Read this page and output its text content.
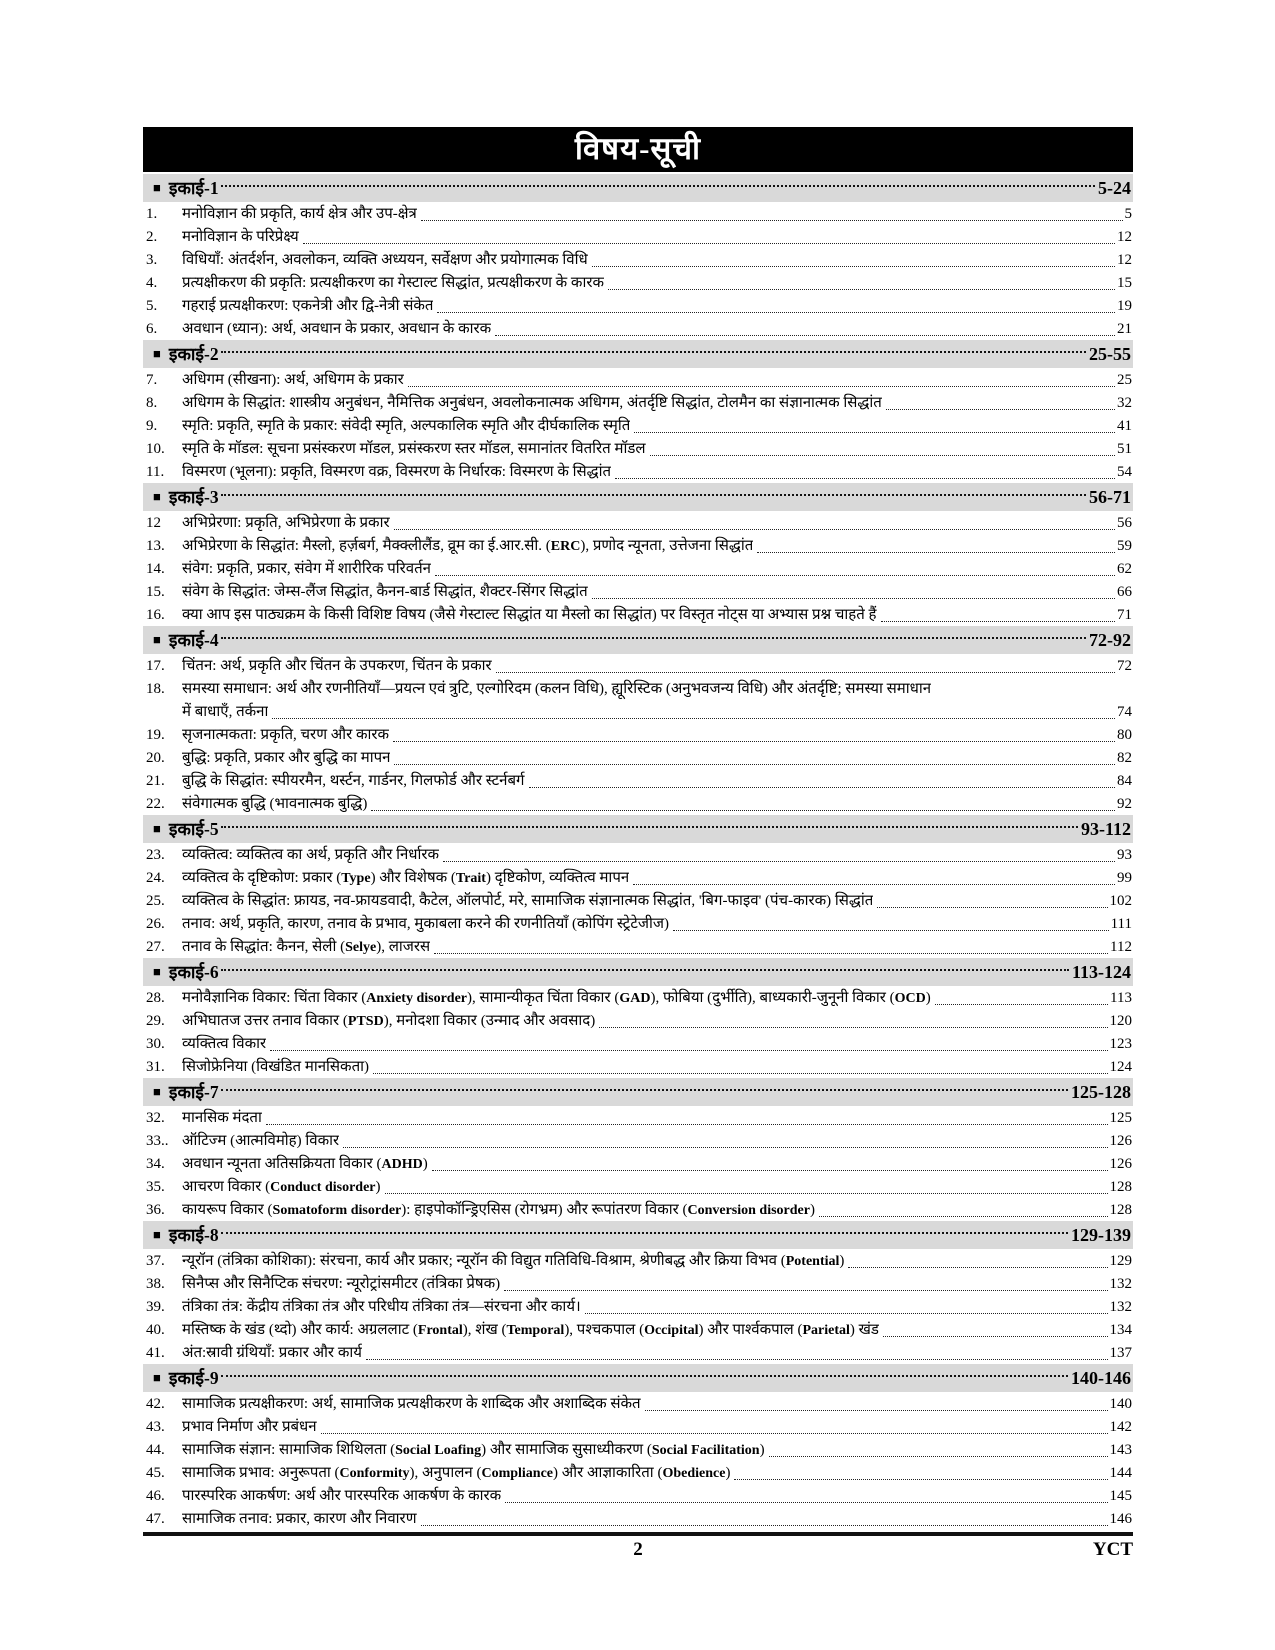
विषय-सूची
■ इकाई-1	5-24
1.	मनोविज्ञान की प्रकृति, कार्य क्षेत्र और उप-क्षेत्र	5
2.	मनोविज्ञान के परिप्रेक्ष्य	12
3.	विधियाँ: अंतर्दर्शन, अवलोकन, व्यक्ति अध्ययन, सर्वेक्षण और प्रयोगात्मक विधि	12
4.	प्रत्यक्षीकरण की प्रकृति: प्रत्यक्षीकरण का गेस्टाल्ट सिद्धांत, प्रत्यक्षीकरण के कारक	15
5.	गहराई प्रत्यक्षीकरण: एकनेत्री और द्वि-नेत्री संकेत	19
6.	अवधान (ध्यान): अर्थ, अवधान के प्रकार, अवधान के कारक	21
■ इकाई-2	25-55
7.	अधिगम (सीखना): अर्थ, अधिगम के प्रकार	25
8.	अधिगम के सिद्धांत: शास्त्रीय अनुबंधन, नैमित्तिक अनुबंधन, अवलोकनात्मक अधिगम, अंतर्दृष्टि सिद्धांत, टोलमैन का संज्ञानात्मक सिद्धांत	32
9.	स्मृति: प्रकृति, स्मृति के प्रकार: संवेदी स्मृति, अल्पकालिक स्मृति और दीर्घकालिक स्मृति	41
10.	स्मृति के मॉडल: सूचना प्रसंस्करण मॉडल, प्रसंस्करण स्तर मॉडल, समानांतर वितरित मॉडल	51
11.	विस्मरण (भूलना): प्रकृति, विस्मरण वक्र, विस्मरण के निर्धारक: विस्मरण के सिद्धांत	54
■ इकाई-3	56-71
12	अभिप्रेरणा: प्रकृति, अभिप्रेरणा के प्रकार	56
13.	अभिप्रेरणा के सिद्धांत: मैस्लो, हर्ज़बर्ग, मैक्क्लीलैंड, व्रूम का ई.आर.सी. (ERC), प्रणोद न्यूनता, उत्तेजना सिद्धांत	59
14.	संवेग: प्रकृति, प्रकार, संवेग में शारीरिक परिवर्तन	62
15.	संवेग के सिद्धांत: जेम्स-लैंज सिद्धांत, कैनन-बार्ड सिद्धांत, शैक्टर-सिंगर सिद्धांत	66
16.	क्या आप इस पाठ्यक्रम के किसी विशिष्ट विषय (जैसे गेस्टाल्ट सिद्धांत या मैस्लो का सिद्धांत) पर विस्तृत नोट्स या अभ्यास प्रश्न चाहते हैं	71
■ इकाई-4	72-92
17.	चिंतन: अर्थ, प्रकृति और चिंतन के उपकरण, चिंतन के प्रकार	72
18.	समस्या समाधान: अर्थ और रणनीतियाँ—प्रयत्न एवं त्रुटि, एल्गोरिदम (कलन विधि), ह्यूरिस्टिक (अनुभवजन्य विधि) और अंतर्दृष्टि; समस्या समाधान
में बाधाएँ, तर्कना	74
19.	सृजनात्मकता: प्रकृति, चरण और कारक	80
20.	बुद्धि: प्रकृति, प्रकार और बुद्धि का मापन	82
21.	बुद्धि के सिद्धांत: स्पीयरमैन, थर्स्टन, गार्डनर, गिलफोर्ड और स्टर्नबर्ग	84
22.	संवेगात्मक बुद्धि (भावनात्मक बुद्धि)	92
■ इकाई-5	93-112
23.	व्यक्तित्व: व्यक्तित्व का अर्थ, प्रकृति और निर्धारक	93
24.	व्यक्तित्व के दृष्टिकोण: प्रकार (Type) और विशेषक (Trait) दृष्टिकोण, व्यक्तित्व मापन	99
25.	व्यक्तित्व के सिद्धांत: फ्रायड, नव-फ्रायडवादी, कैटेल, ऑलपोर्ट, मरे, सामाजिक संज्ञानात्मक सिद्धांत, 'बिग-फाइव' (पंच-कारक) सिद्धांत	102
26.	तनाव: अर्थ, प्रकृति, कारण, तनाव के प्रभाव, मुकाबला करने की रणनीतियाँ (कोपिंग स्ट्रेटेजीज)	111
27.	तनाव के सिद्धांत: कैनन, सेली (Selye), लाजरस	112
■ इकाई-6	113-124
28.	मनोवैज्ञानिक विकार: चिंता विकार (Anxiety disorder), सामान्यीकृत चिंता विकार (GAD), फोबिया (दुर्भीति), बाध्यकारी-जुनूनी विकार (OCD)	113
29.	अभिघातज उत्तर तनाव विकार (PTSD), मनोदशा विकार (उन्माद और अवसाद)	120
30.	व्यक्तित्व विकार	123
31.	सिजोफ्रेनिया (विखंडित मानसिकता)	124
■ इकाई-7	125-128
32.	मानसिक मंदता	125
33.. ऑटिज्म (आत्मविमोह) विकार	126
34.	अवधान न्यूनता अतिसक्रियता विकार (ADHD)	126
35.	आचरण विकार (Conduct disorder)	128
36.	कायरूप विकार (Somatoform disorder): हाइपोकॉन्ड्रिएसिस (रोगभ्रम) और रूपांतरण विकार (Conversion disorder)	128
■ इकाई-8	129-139
37.	न्यूरॉन (तंत्रिका कोशिका): संरचना, कार्य और प्रकार; न्यूरॉन की विद्युत गतिविधि-विश्राम, श्रेणीबद्ध और क्रिया विभव (Potential)	129
38.	सिनैप्स और सिनैप्टिक संचरण: न्यूरोट्रांसमीटर (तंत्रिका प्रेषक)	132
39.	तंत्रिका तंत्र: केंद्रीय तंत्रिका तंत्र और परिधीय तंत्रिका तंत्र—संरचना और कार्य।	132
40.	मस्तिष्क के खंड (थ्दो) और कार्य: अग्रललाट (Frontal), शंख (Temporal), पश्चकपाल (Occipital) और पार्श्वकपाल (Parietal) खंड	134
41.	अंत:स्रावी ग्रंथियाँ: प्रकार और कार्य	137
■ इकाई-9	140-146
42.	सामाजिक प्रत्यक्षीकरण: अर्थ, सामाजिक प्रत्यक्षीकरण के शाब्दिक और अशाब्दिक संकेत	140
43.	प्रभाव निर्माण और प्रबंधन	142
44.	सामाजिक संज्ञान: सामाजिक शिथिलता (Social Loafing) और सामाजिक सुसाध्यीकरण (Social Facilitation)	143
45.	सामाजिक प्रभाव: अनुरूपता (Conformity), अनुपालन (Compliance) और आज्ञाकारिता (Obedience)	144
46.	पारस्परिक आकर्षण: अर्थ और पारस्परिक आकर्षण के कारक	145
47.	सामाजिक तनाव: प्रकार, कारण और निवारण	146
2	YCT
